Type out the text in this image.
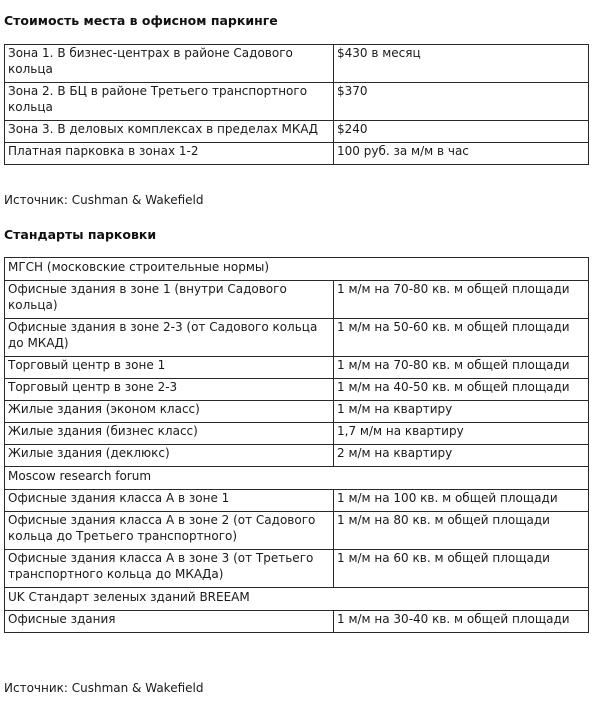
Стоимость места в офисном паркинге
Зона 1. В бизнес-центрах в районе Садового кольца	$430 в месяц
Зона 2. В БЦ в районе Третьего транспортного кольца	$370
Зона 3. В деловых комплексах в пределах МКАД	$240
Платная парковка в зонах 1-2	100 руб. за м/м в час

Источник: Cushman & Wakefield

Стандарты парковки
МГСН (московские строительные нормы)	
Офисные здания в зоне 1 (внутри Садового кольца)	1 м/м на 70-80 кв. м общей площади
Офисные здания в зоне 2-3 (от Садового кольца до МКАД)	1 м/м на 50-60 кв. м общей площади
Торговый центр в зоне 1	1 м/м на 70-80 кв. м общей площади
Торговый центр в зоне 2-3	1 м/м на 40-50 кв. м общей площади
Жилые здания (эконом класс)	1 м/м на квартиру
Жилые здания (бизнес класс)	1,7 м/м на квартиру
Жилые здания (деклюкс)	2 м/м на квартиру
Moscow research forum	
Офисные здания класса А в зоне 1	1 м/м на 100 кв. м общей площади
Офисные здания класса А в зоне 2 (от Садового кольца до Третьего транспортного)	1 м/м на 80 кв. м общей площади
Офисные здания класса А в зоне 3 (от Третьего транспортного кольца до МКАДа)	1 м/м на 60 кв. м общей площади
UK Стандарт зеленых зданий BREEAM	
Офисные здания	1 м/м на 30-40 кв. м общей площади

Источник: Cushman & Wakefield
